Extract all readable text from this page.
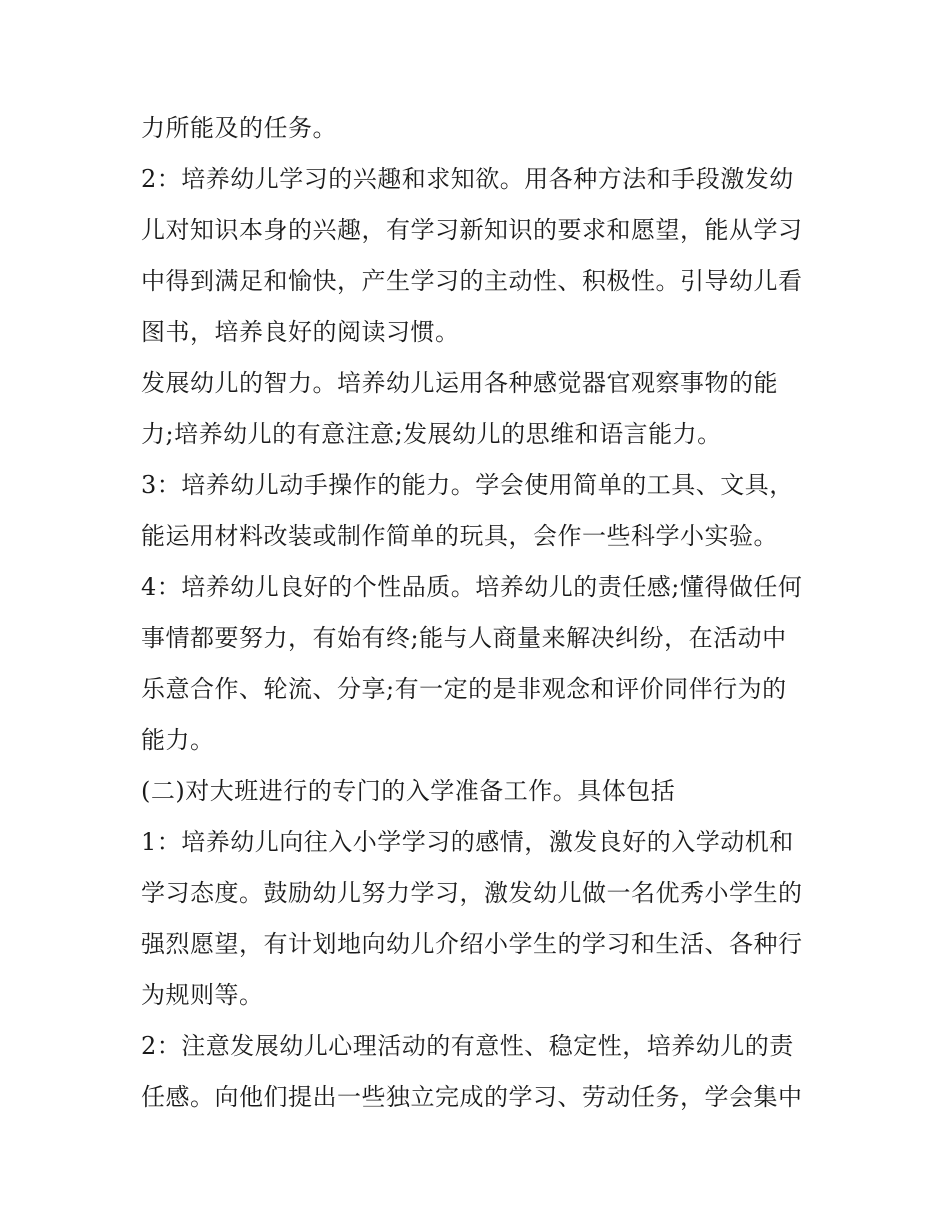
力所能及的任务。
2：培养幼儿学习的兴趣和求知欲。用各种方法和手段激发幼
儿对知识本身的兴趣，有学习新知识的要求和愿望，能从学习
中得到满足和愉快，产生学习的主动性、积极性。引导幼儿看
图书，培养良好的阅读习惯。
发展幼儿的智力。培养幼儿运用各种感觉器官观察事物的能
力;培养幼儿的有意注意;发展幼儿的思维和语言能力。
3：培养幼儿动手操作的能力。学会使用简单的工具、文具，
能运用材料改装或制作简单的玩具，会作一些科学小实验。
4：培养幼儿良好的个性品质。培养幼儿的责任感;懂得做任何
事情都要努力，有始有终;能与人商量来解决纠纷，在活动中
乐意合作、轮流、分享;有一定的是非观念和评价同伴行为的
能力。
(二)对大班进行的专门的入学准备工作。具体包括
1：培养幼儿向往入小学学习的感情，激发良好的入学动机和
学习态度。鼓励幼儿努力学习，激发幼儿做一名优秀小学生的
强烈愿望，有计划地向幼儿介绍小学生的学习和生活、各种行
为规则等。
2：注意发展幼儿心理活动的有意性、稳定性，培养幼儿的责
任感。向他们提出一些独立完成的学习、劳动任务，学会集中
